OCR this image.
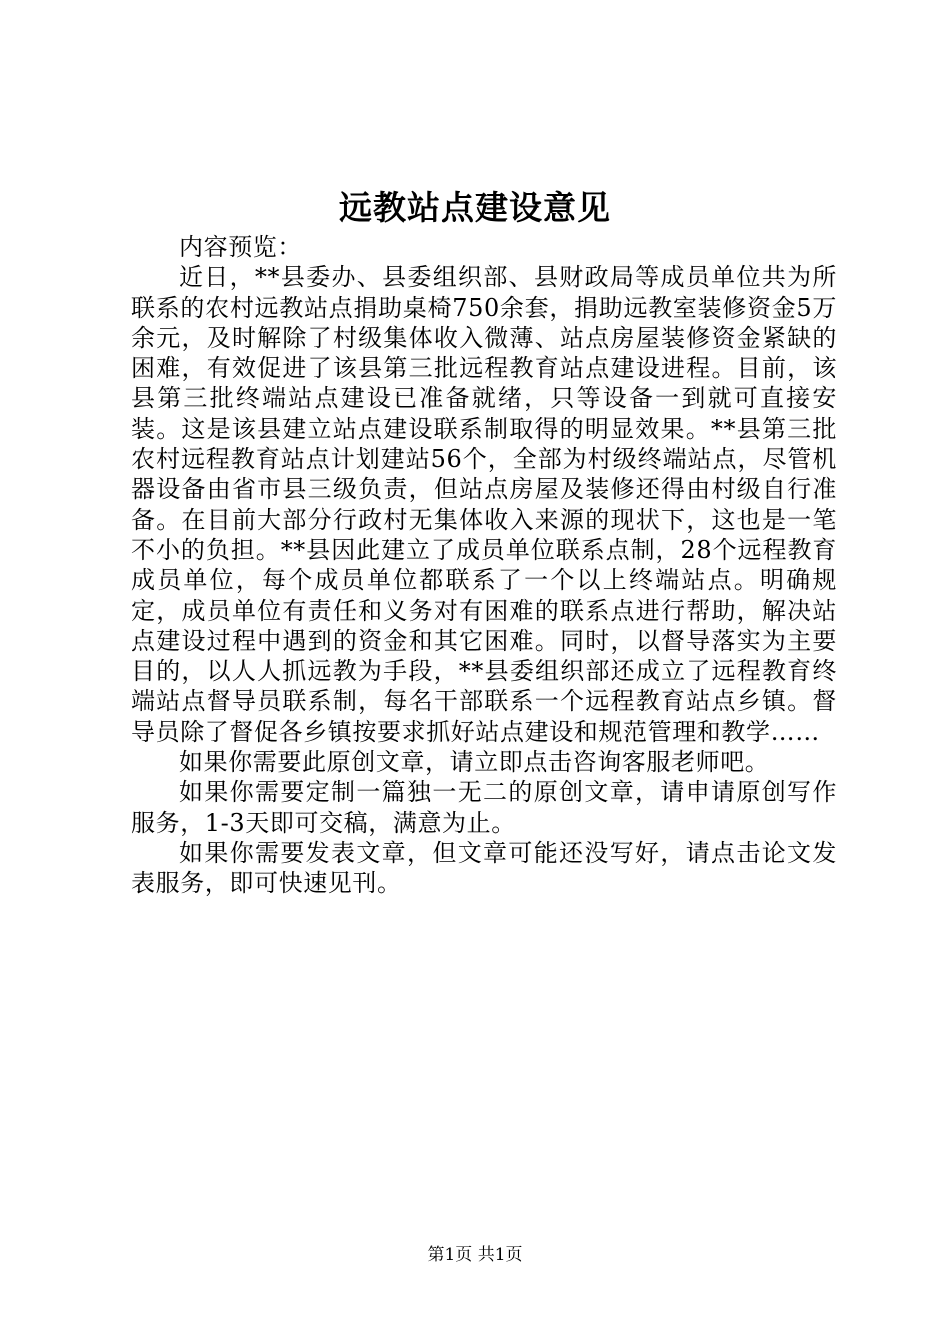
远教站点建设意见

内容预览：

近日，**县委办、县委组织部、县财政局等成员单位共为所联系的农村远教站点捐助桌椅750余套，捐助远教室装修资金5万余元，及时解除了村级集体收入微薄、站点房屋装修资金紧缺的困难，有效促进了该县第三批远程教育站点建设进程。目前，该县第三批终端站点建设已准备就绪，只等设备一到就可直接安装。这是该县建立站点建设联系制取得的明显效果。**县第三批农村远程教育站点计划建站56个，全部为村级终端站点，尽管机器设备由省市县三级负责，但站点房屋及装修还得由村级自行准备。在目前大部分行政村无集体收入来源的现状下，这也是一笔不小的负担。**县因此建立了成员单位联系点制，28个远程教育成员单位，每个成员单位都联系了一个以上终端站点。明确规定，成员单位有责任和义务对有困难的联系点进行帮助，解决站点建设过程中遇到的资金和其它困难。同时，以督导落实为主要目的，以人人抓远教为手段，**县委组织部还成立了远程教育终端站点督导员联系制，每名干部联系一个远程教育站点乡镇。督导员除了督促各乡镇按要求抓好站点建设和规范管理和教学……

如果你需要此原创文章，请立即点击咨询客服老师吧。

如果你需要定制一篇独一无二的原创文章，请申请原创写作服务，1-3天即可交稿，满意为止。

如果你需要发表文章，但文章可能还没写好，请点击论文发表服务，即可快速见刊。

第1页 共1页
